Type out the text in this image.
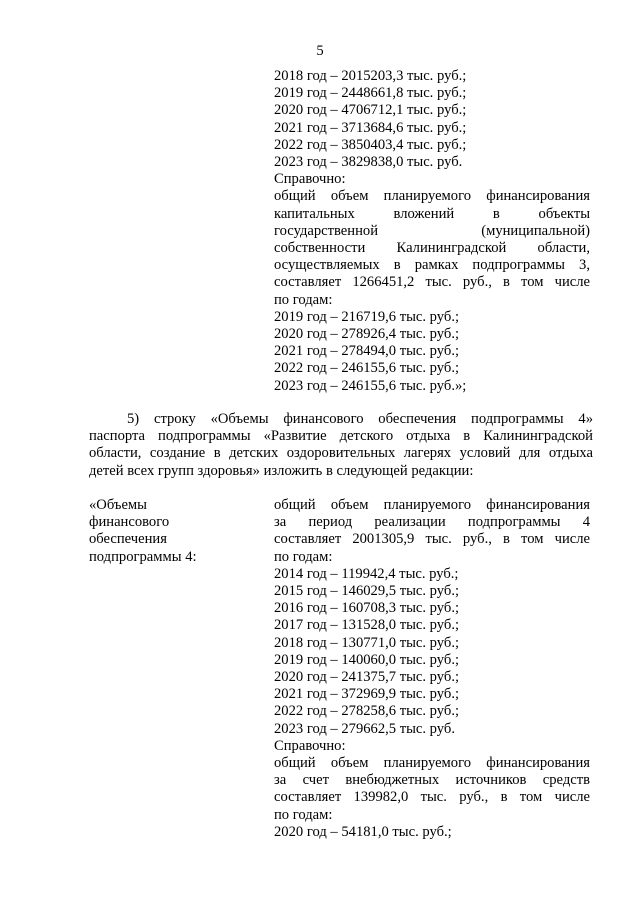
5
2018 год – 2015203,3 тыс. руб.;
2019 год – 2448661,8 тыс. руб.;
2020 год – 4706712,1 тыс. руб.;
2021 год – 3713684,6 тыс. руб.;
2022 год – 3850403,4 тыс. руб.;
2023 год – 3829838,0 тыс. руб.
Справочно:
общий объем планируемого финансирования
капитальных вложений в объекты
государственной (муниципальной)
собственности Калининградской области,
осуществляемых в рамках подпрограммы 3,
составляет 1266451,2 тыс. руб., в том числе
по годам:
2019 год – 216719,6 тыс. руб.;
2020 год – 278926,4 тыс. руб.;
2021 год – 278494,0 тыс. руб.;
2022 год – 246155,6 тыс. руб.;
2023 год – 246155,6 тыс. руб.»;
5) строку «Объемы финансового обеспечения подпрограммы 4»
паспорта подпрограммы «Развитие детского отдыха в Калининградской
области, создание в детских оздоровительных лагерях условий для отдыха
детей всех групп здоровья» изложить в следующей редакции:
«Объемы
финансового
обеспечения
подпрограммы 4:
общий объем планируемого финансирования
за период реализации подпрограммы 4
составляет 2001305,9 тыс. руб., в том числе
по годам:
2014 год – 119942,4 тыс. руб.;
2015 год – 146029,5 тыс. руб.;
2016 год – 160708,3 тыс. руб.;
2017 год – 131528,0 тыс. руб.;
2018 год – 130771,0 тыс. руб.;
2019 год – 140060,0 тыс. руб.;
2020 год – 241375,7 тыс. руб.;
2021 год – 372969,9 тыс. руб.;
2022 год – 278258,6 тыс. руб.;
2023 год – 279662,5 тыс. руб.
Справочно:
общий объем планируемого финансирования
за счет внебюджетных источников средств
составляет 139982,0 тыс. руб., в том числе
по годам:
2020 год – 54181,0 тыс. руб.;
